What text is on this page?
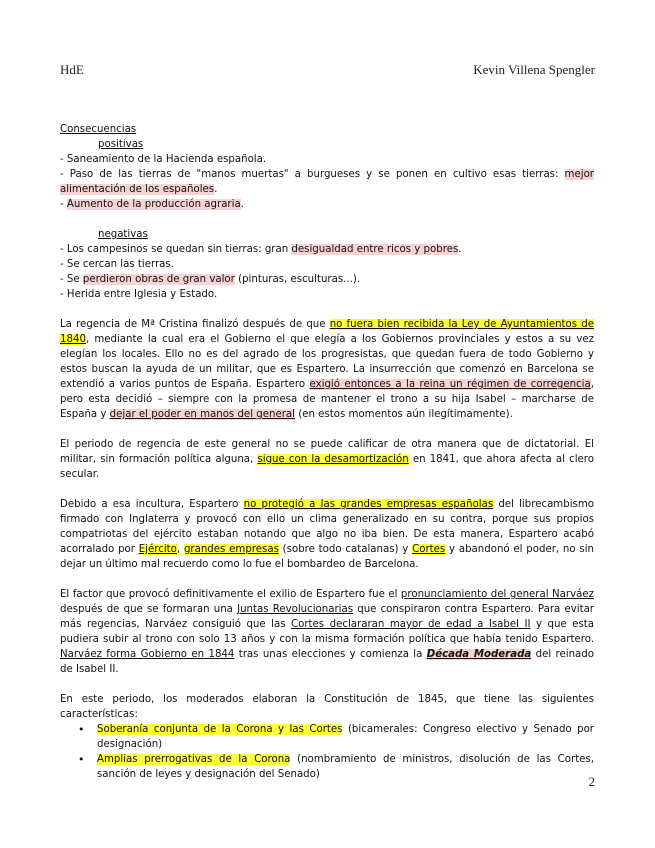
HdE	Kevin Villena Spengler

Consecuencias

positivas

- Saneamiento de la Hacienda española.

- Paso de las tierras de "manos muertas" a burgueses y se ponen en cultivo esas tierras: mejor alimentación de los españoles.

- Aumento de la producción agraria.

negativas

- Los campesinos se quedan sin tierras: gran desigualdad entre ricos y pobres.

- Se cercan las tierras.

- Se perdieron obras de gran valor (pinturas, esculturas...).

- Herida entre Iglesia y Estado.

La regencia de Mª Cristina finalizó después de que no fuera bien recibida la Ley de Ayuntamientos de 1840, mediante la cual era el Gobierno el que elegía a los Gobiernos provinciales y estos a su vez elegían los locales. Ello no es del agrado de los progresistas, que quedan fuera de todo Gobierno y estos buscan la ayuda de un militar, que es Espartero. La insurrección que comenzó en Barcelona se extendió a varios puntos de España. Espartero exigió entonces a la reina un régimen de corregencia, pero esta decidió – siempre con la promesa de mantener el trono a su hija Isabel – marcharse de España y dejar el poder en manos del general (en estos momentos aún ilegítimamente).

El periodo de regencia de este general no se puede calificar de otra manera que de dictatorial. El militar, sin formación política alguna, sigue con la desamortización en 1841, que ahora afecta al clero secular.

Debido a esa incultura, Espartero no protegió a las grandes empresas españolas del librecambismo firmado con Inglaterra y provocó con ello un clima generalizado en su contra, porque sus propios compatriotas del ejército estaban notando que algo no iba bien. De esta manera, Espartero acabó acorralado por Ejército, grandes empresas (sobre todo catalanas) y Cortes y abandonó el poder, no sin dejar un último mal recuerdo como lo fue el bombardeo de Barcelona.

El factor que provocó definitivamente el exilio de Espartero fue el pronunciamiento del general Narváez después de que se formaran una Juntas Revolucionarias que conspiraron contra Espartero. Para evitar más regencias, Narváez consiguió que las Cortes declararan mayor de edad a Isabel II y que esta pudiera subir al trono con solo 13 años y con la misma formación política que había tenido Espartero. Narváez forma Gobierno en 1844 tras unas elecciones y comienza la Década Moderada del reinado de Isabel II.

En este periodo, los moderados elaboran la Constitución de 1845, que tiene las siguientes características:

• Soberanía conjunta de la Corona y las Cortes (bicamerales: Congreso electivo y Senado por designación)
• Amplias prerrogativas de la Corona (nombramiento de ministros, disolución de las Cortes, sanción de leyes y designación del Senado)	2
